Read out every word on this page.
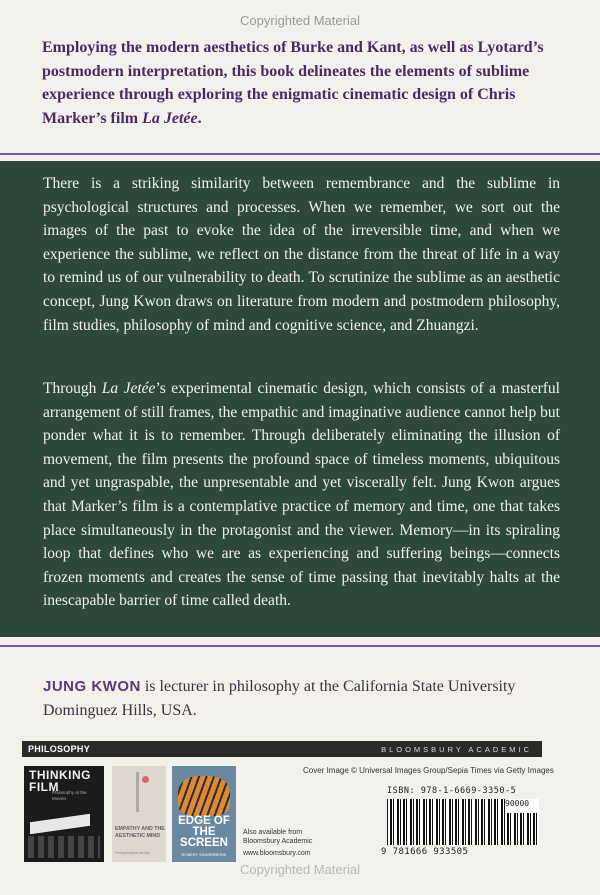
Copyrighted Material
Employing the modern aesthetics of Burke and Kant, as well as Lyotard’s postmodern interpretation, this book delineates the elements of sublime experience through exploring the enigmatic cinematic design of Chris Marker’s film La Jetée.

There is a striking similarity between remembrance and the sublime in psychological structures and processes. When we remember, we sort out the images of the past to evoke the idea of the irreversible time, and when we experience the sublime, we reflect on the distance from the threat of life in a way to remind us of our vulnerability to death. To scrutinize the sublime as an aesthetic concept, Jung Kwon draws on literature from modern and postmodern philosophy, film studies, philosophy of mind and cognitive science, and Zhuangzi.

Through La Jetée’s experimental cinematic design, which consists of a masterful arrangement of still frames, the empathic and imaginative audience cannot help but ponder what it is to remember. Through deliberately eliminating the illusion of movement, the film presents the profound space of timeless moments, ubiquitous and yet ungraspable, the unpresentable and yet viscerally felt. Jung Kwon argues that Marker’s film is a contemplative practice of memory and time, one that takes place simultaneously in the protagonist and the viewer. Memory—in its spiraling loop that defines who we are as experiencing and suffering beings—connects frozen moments and creates the sense of time passing that inevitably halts at the inescapable barrier of time called death.

JUNG KWON is lecturer in philosophy at the California State University Dominguez Hills, USA.
PHILOSOPHY	BLOOMSBURY ACADEMIC
Cover Image © Universal Images Group/Sepia Times via Getty Images
THINKING FILM
Philosophy at the Movies
EMPATHY AND THE AESTHETIC MIND
Perspectives on Art
EDGE OF THE SCREEN
ROBERT SINNERBRINK
Also available from
Bloomsbury Academic
www.bloomsbury.com
ISBN: 978-1-6669-3350-5
90000
9 781666 933505
Copyrighted Material
